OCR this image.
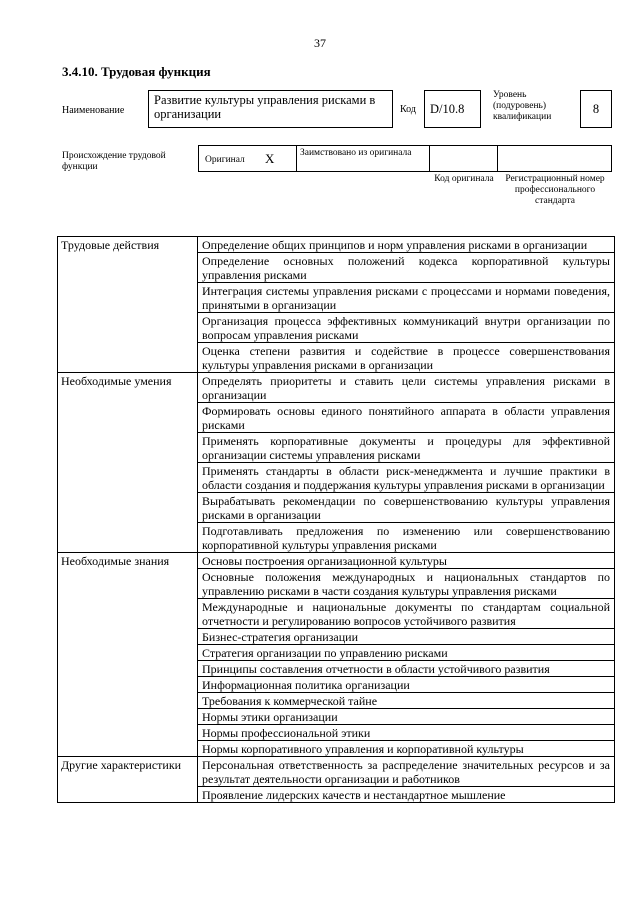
37
3.4.10. Трудовая функция
Наименование
Развитие культуры управления рисками в организации	Код	D/10.8
Уровень (подуровень) квалификации
8
Происхождение трудовой функции
Оригинал X	Заимствовано из оригинала
Код оригинала	Регистрационный номер профессионального стандарта
Трудовые действия	Определение общих принципов и норм управления рисками в организации
	Определение основных положений кодекса корпоративной культуры управления рисками
	Интеграция системы управления рисками с процессами и нормами поведения, принятыми в организации
	Организация процесса эффективных коммуникаций внутри организации по вопросам управления рисками
	Оценка степени развития и содействие в процессе совершенствования культуры управления рисками в организации
Необходимые умения	Определять приоритеты и ставить цели системы управления рисками в организации
	Формировать основы единого понятийного аппарата в области управления рисками
	Применять корпоративные документы и процедуры для эффективной организации системы управления рисками
	Применять стандарты в области риск-менеджмента и лучшие практики в области создания и поддержания культуры управления рисками в организации
	Вырабатывать рекомендации по совершенствованию культуры управления рисками в организации
	Подготавливать предложения по изменению или совершенствованию корпоративной культуры управления рисками
Необходимые знания	Основы построения организационной культуры
	Основные положения международных и национальных стандартов по управлению рисками в части создания культуры управления рисками
	Международные и национальные документы по стандартам социальной отчетности и регулированию вопросов устойчивого развития
	Бизнес-стратегия организации
	Стратегия организации по управлению рисками
	Принципы составления отчетности в области устойчивого развития
	Информационная политика организации
	Требования к коммерческой тайне
	Нормы этики организации
	Нормы профессиональной этики
	Нормы корпоративного управления и корпоративной культуры
Другие характеристики	Персональная ответственность за распределение значительных ресурсов и за результат деятельности организации и работников
	Проявление лидерских качеств и нестандартное мышление
